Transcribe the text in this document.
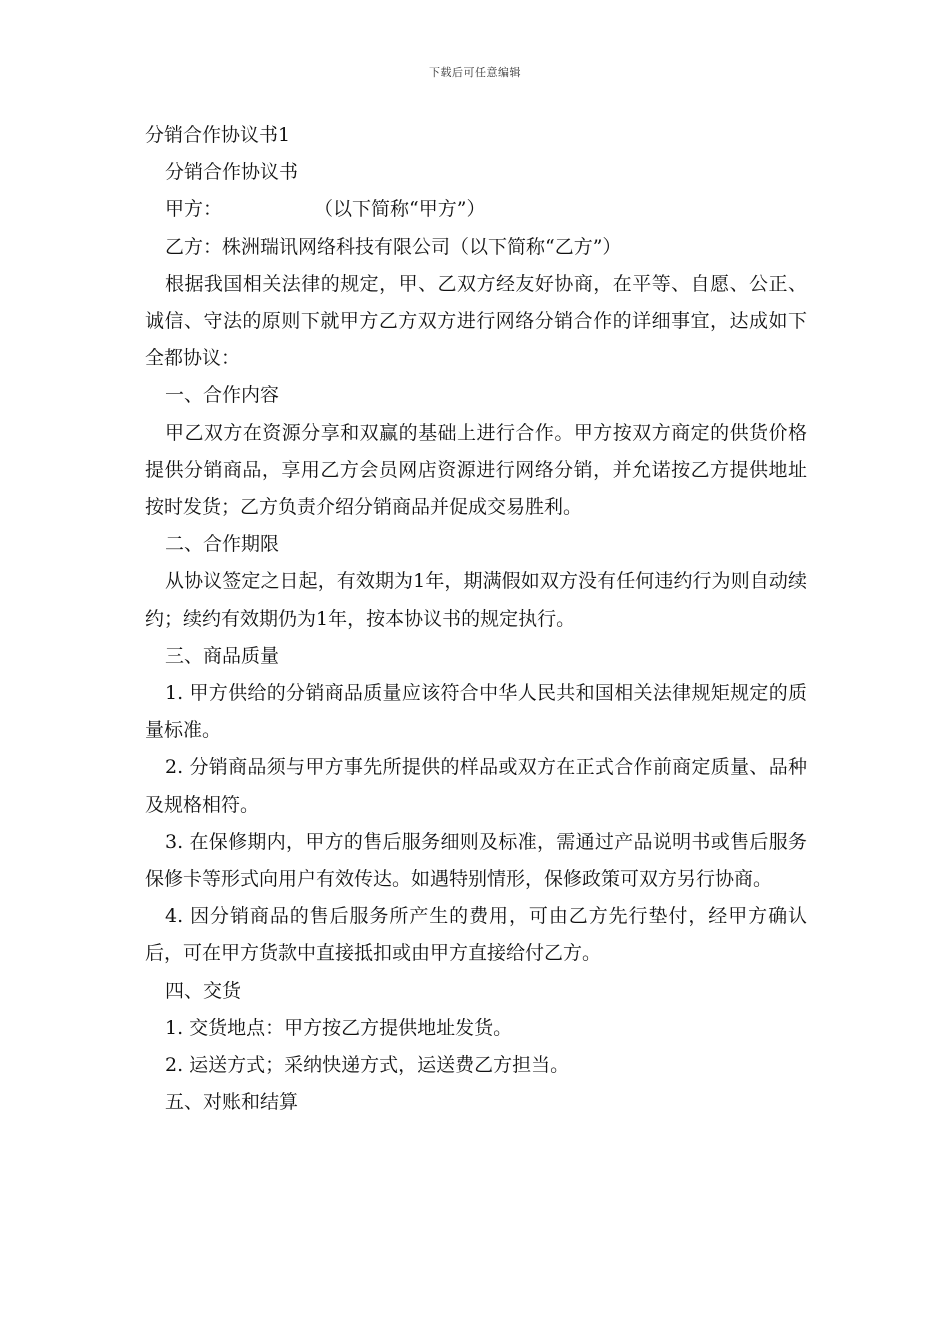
下载后可任意编辑

分销合作协议书1

分销合作协议书

甲方：	（以下简称“甲方”）

乙方：株洲瑞讯网络科技有限公司（以下简称“乙方”）

根据我国相关法律的规定，甲、乙双方经友好协商，在平等、自愿、公正、诚信、守法的原则下就甲方乙方双方进行网络分销合作的详细事宜，达成如下全都协议：

一、合作内容

甲乙双方在资源分享和双赢的基础上进行合作。甲方按双方商定的供货价格提供分销商品，享用乙方会员网店资源进行网络分销，并允诺按乙方提供地址按时发货；乙方负责介绍分销商品并促成交易胜利。

二、合作期限

从协议签定之日起，有效期为1年，期满假如双方没有任何违约行为则自动续约；续约有效期仍为1年，按本协议书的规定执行。

三、商品质量

1. 甲方供给的分销商品质量应该符合中华人民共和国相关法律规矩规定的质量标准。

2. 分销商品须与甲方事先所提供的样品或双方在正式合作前商定质量、品种及规格相符。

3. 在保修期内，甲方的售后服务细则及标准，需通过产品说明书或售后服务保修卡等形式向用户有效传达。如遇特别情形，保修政策可双方另行协商。

4. 因分销商品的售后服务所产生的费用，可由乙方先行垫付，经甲方确认后，可在甲方货款中直接抵扣或由甲方直接给付乙方。

四、交货

1. 交货地点：甲方按乙方提供地址发货。

2. 运送方式；采纳快递方式，运送费乙方担当。

五、对账和结算
